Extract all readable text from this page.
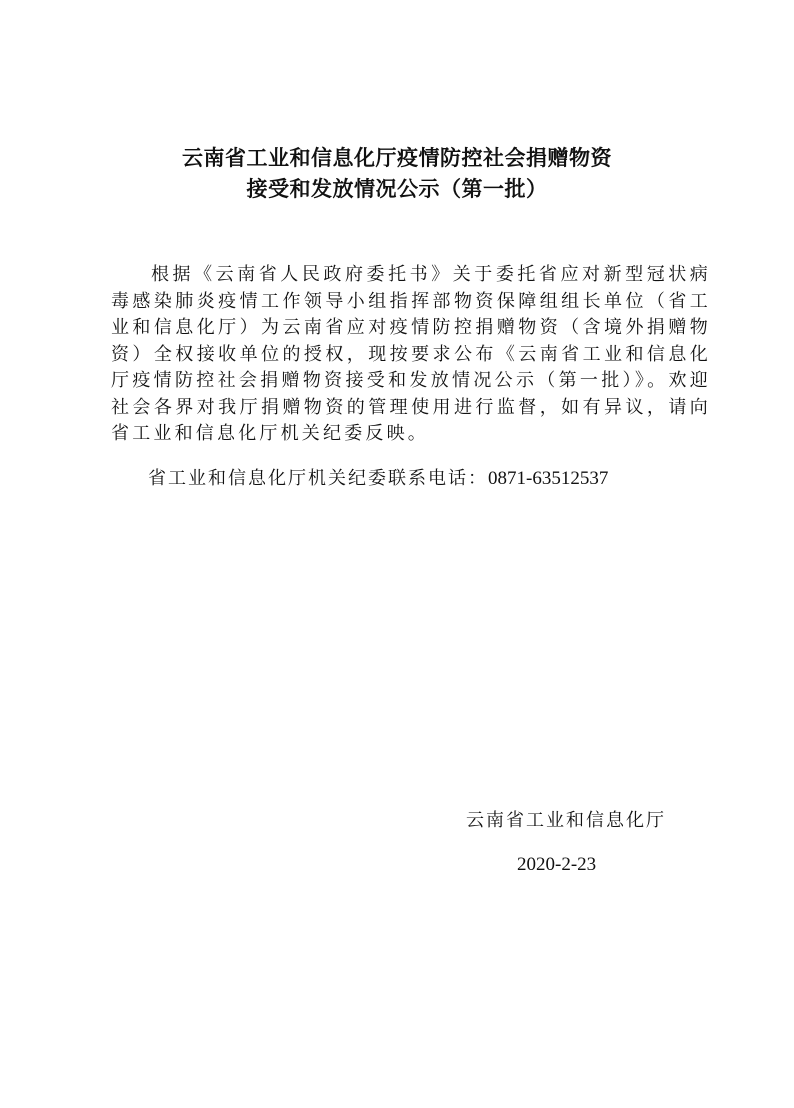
云南省工业和信息化厅疫情防控社会捐赠物资
接受和发放情况公示（第一批）

根据《云南省人民政府委托书》关于委托省应对新型冠状病毒感染肺炎疫情工作领导小组指挥部物资保障组组长单位（省工业和信息化厅）为云南省应对疫情防控捐赠物资（含境外捐赠物资）全权接收单位的授权，现按要求公布《云南省工业和信息化厅疫情防控社会捐赠物资接受和发放情况公示（第一批）》。欢迎社会各界对我厅捐赠物资的管理使用进行监督，如有异议，请向省工业和信息化厅机关纪委反映。

省工业和信息化厅机关纪委联系电话：0871-63512537
云南省工业和信息化厅
2020-2-23
